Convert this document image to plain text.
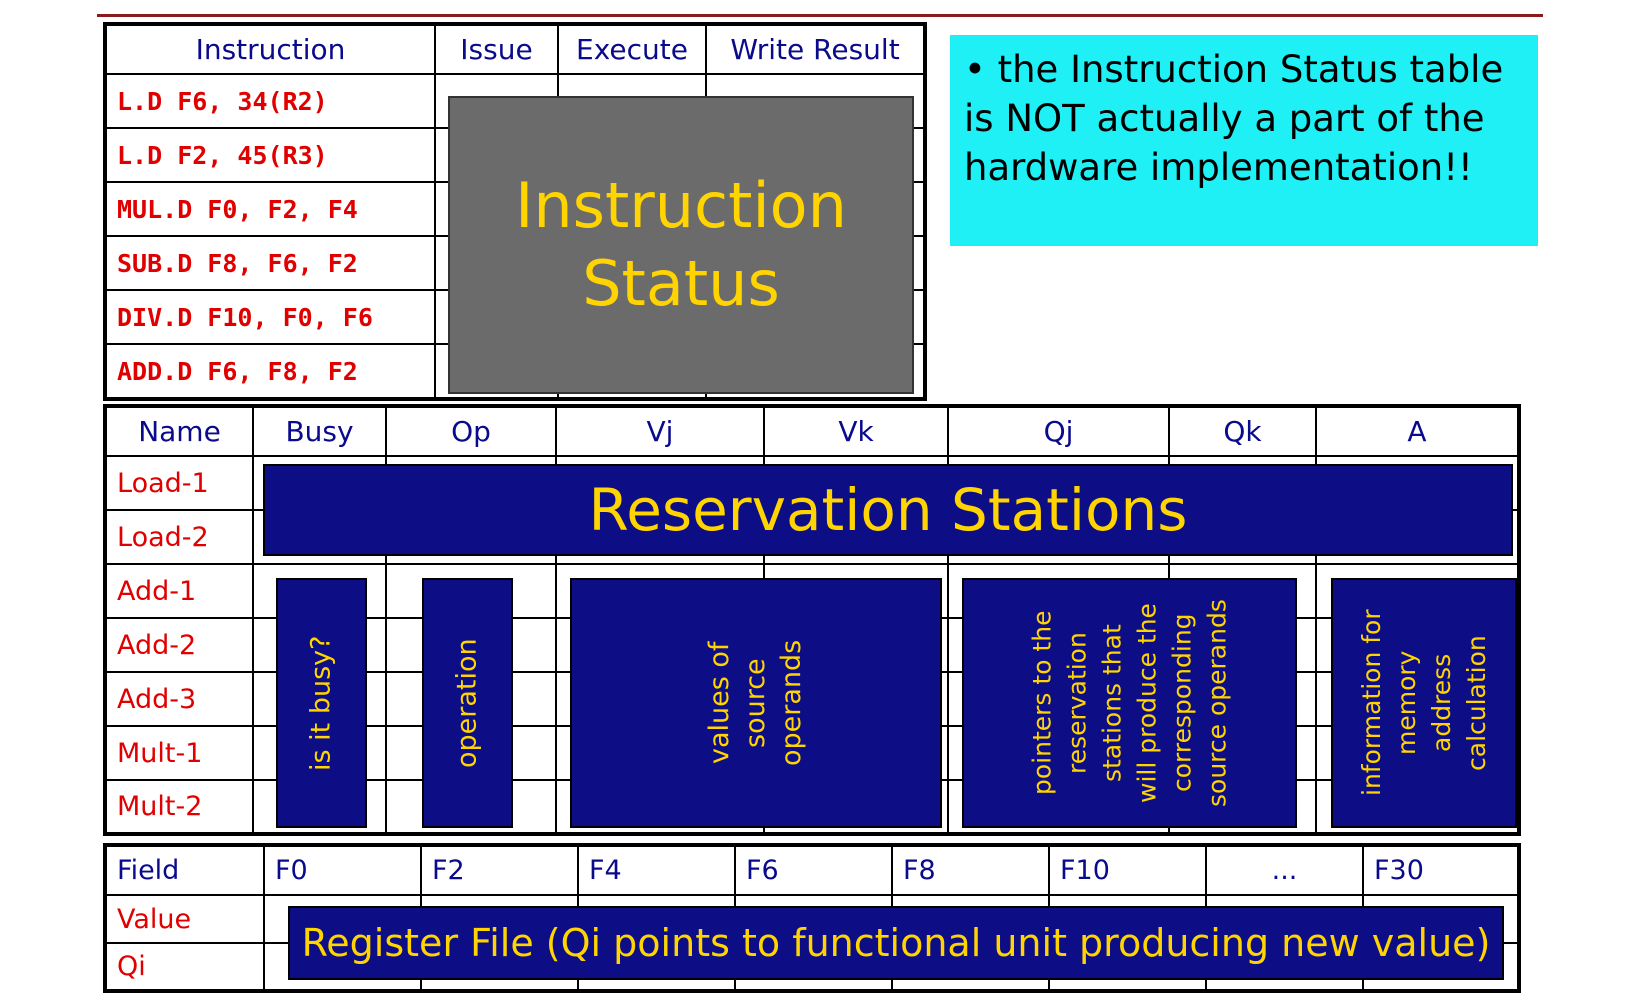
Instruction	Issue	Execute	Write Result
L.D F6, 34(R2)			
L.D F2, 45(R3)			
MUL.D F0, F2, F4			
SUB.D F8, F6, F2			
DIV.D F10, F0, F6			
ADD.D F6, F8, F2			
Instruction
Status
• the Instruction Status table is NOT actually a part of the hardware implementation!!
Name	Busy	Op	Vj	Vk	Qj	Qk	A
Load-1							
Load-2							
Add-1							
Add-2							
Add-3							
Mult-1							
Mult-2							
Reservation Stations
is it busy?	operation	values of
source
operands	pointers to the
reservation
stations that
will produce the
corresponding
source operands	information for
memory
address
calculation
Field	F0	F2	F4	F6	F8	F10	...	F30
Value								
Qi								
Register File (Qi points to functional unit producing new value)
